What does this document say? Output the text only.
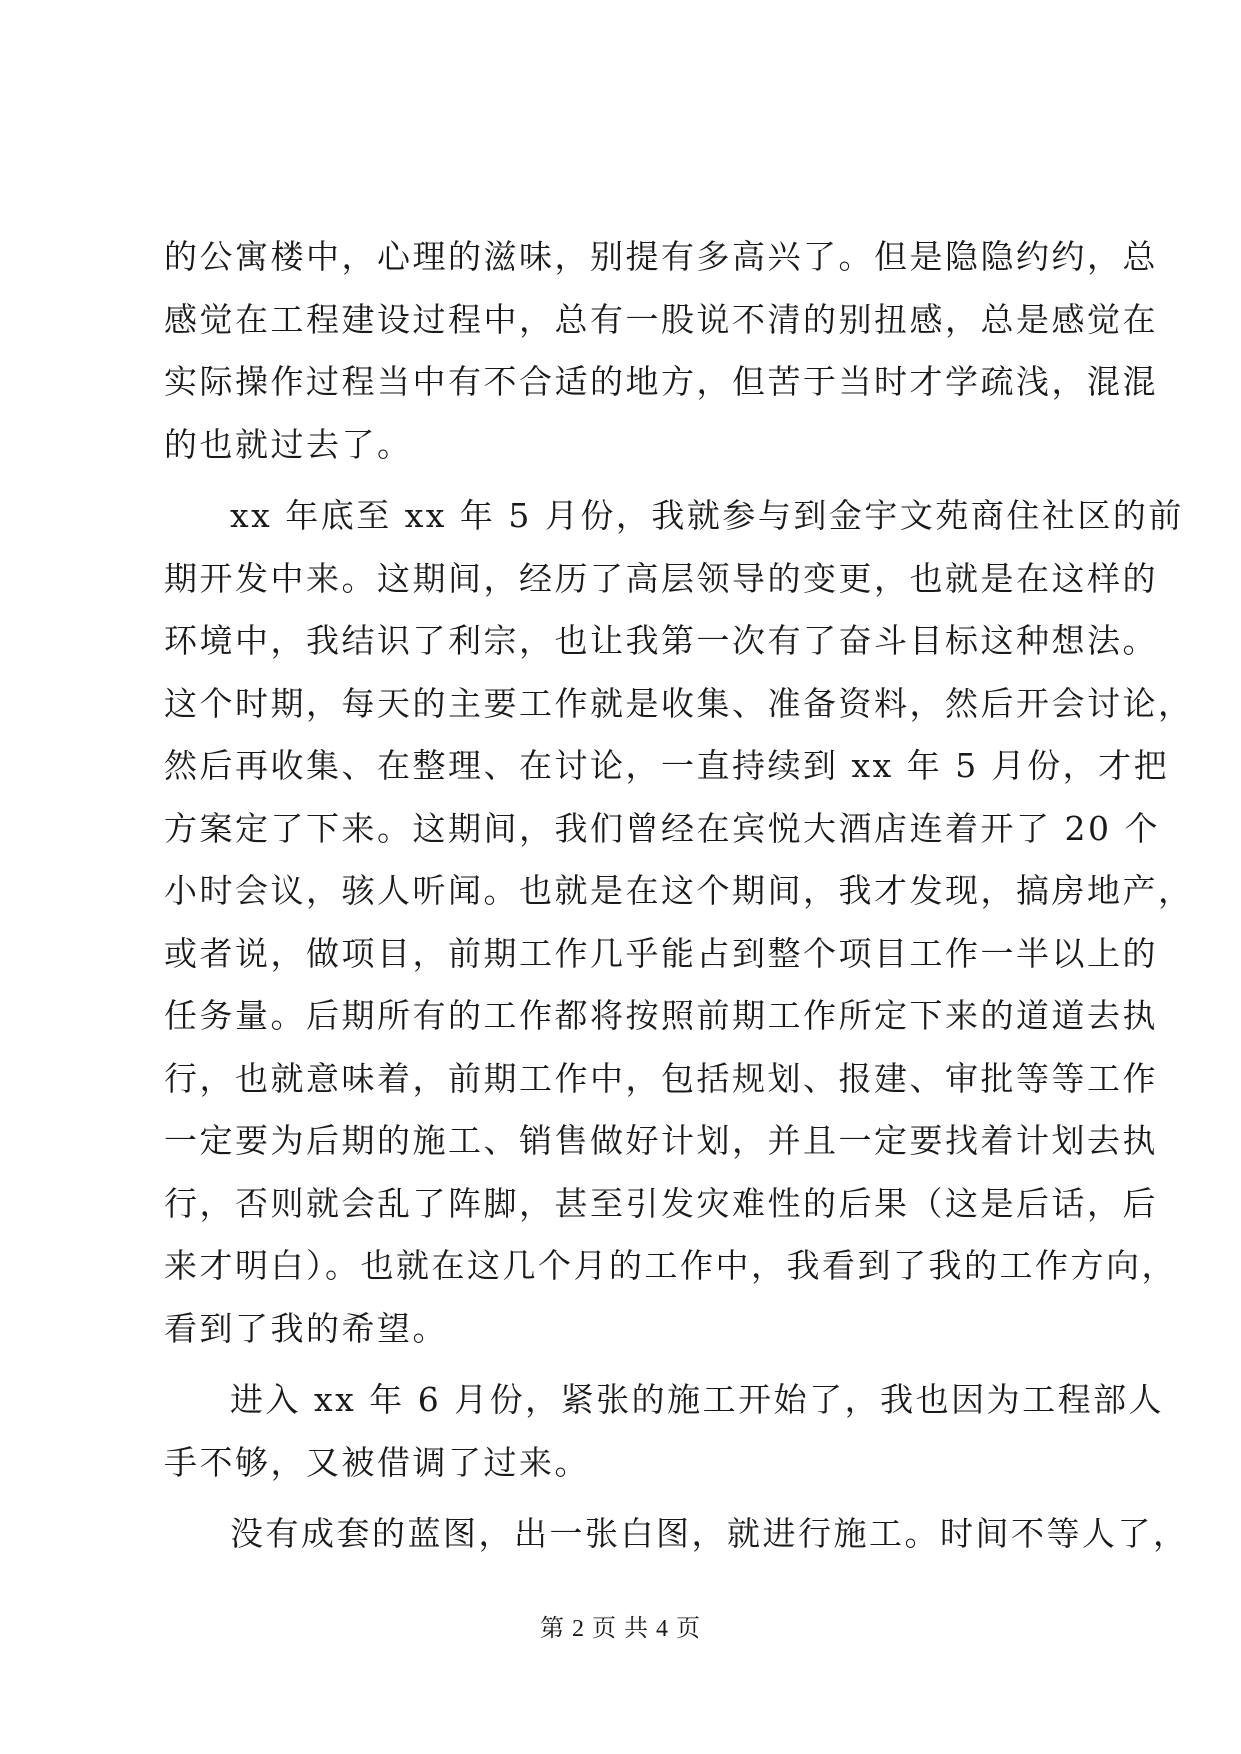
的公寓楼中，心理的滋味，别提有多高兴了。但是隐隐约约，总
感觉在工程建设过程中，总有一股说不清的别扭感，总是感觉在
实际操作过程当中有不合适的地方，但苦于当时才学疏浅，混混
的也就过去了。

xx 年底至 xx 年 5 月份，我就参与到金宇文苑商住社区的前
期开发中来。这期间，经历了高层领导的变更，也就是在这样的
环境中，我结识了利宗，也让我第一次有了奋斗目标这种想法。
这个时期，每天的主要工作就是收集、准备资料，然后开会讨论，
然后再收集、在整理、在讨论，一直持续到 xx 年 5 月份，才把
方案定了下来。这期间，我们曾经在宾悦大酒店连着开了 20 个
小时会议，骇人听闻。也就是在这个期间，我才发现，搞房地产，
或者说，做项目，前期工作几乎能占到整个项目工作一半以上的
任务量。后期所有的工作都将按照前期工作所定下来的道道去执
行，也就意味着，前期工作中，包括规划、报建、审批等等工作
一定要为后期的施工、销售做好计划，并且一定要找着计划去执
行，否则就会乱了阵脚，甚至引发灾难性的后果（这是后话，后
来才明白）。也就在这几个月的工作中，我看到了我的工作方向，
看到了我的希望。

进入 xx 年 6 月份，紧张的施工开始了，我也因为工程部人
手不够，又被借调了过来。

没有成套的蓝图，出一张白图，就进行施工。时间不等人了，

第 2 页 共 4 页
